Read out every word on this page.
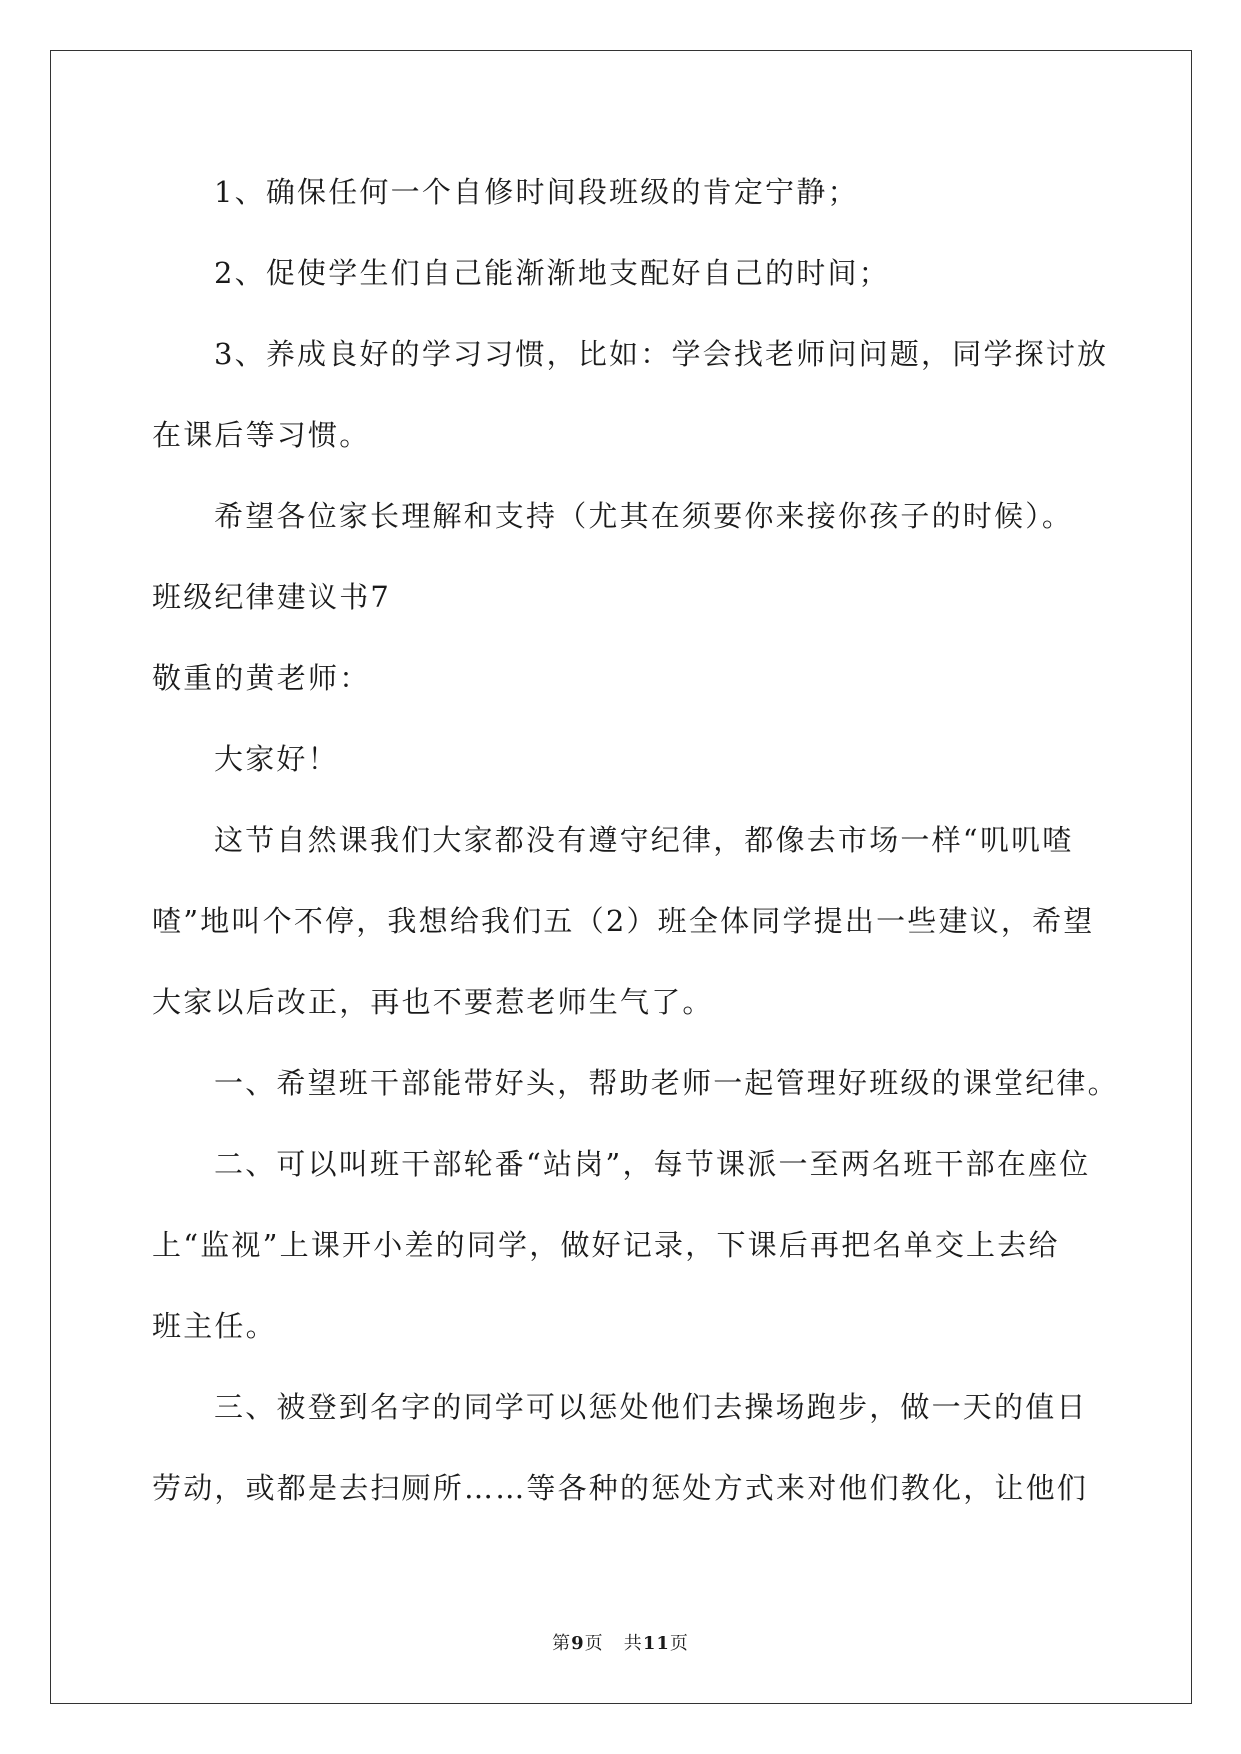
1、确保任何一个自修时间段班级的肯定宁静；
2、促使学生们自己能渐渐地支配好自己的时间；
3、养成良好的学习习惯，比如：学会找老师问问题，同学探讨放
在课后等习惯。
希望各位家长理解和支持（尤其在须要你来接你孩子的时候）。
班级纪律建议书7
敬重的黄老师：
大家好！
这节自然课我们大家都没有遵守纪律，都像去市场一样“叽叽喳
喳”地叫个不停，我想给我们五（2）班全体同学提出一些建议，希望
大家以后改正，再也不要惹老师生气了。
一、希望班干部能带好头，帮助老师一起管理好班级的课堂纪律。
二、可以叫班干部轮番“站岗”，每节课派一至两名班干部在座位
上“监视”上课开小差的同学，做好记录，下课后再把名单交上去给
班主任。
三、被登到名字的同学可以惩处他们去操场跑步，做一天的值日
劳动，或都是去扫厕所……等各种的惩处方式来对他们教化，让他们
第9页   共11页
